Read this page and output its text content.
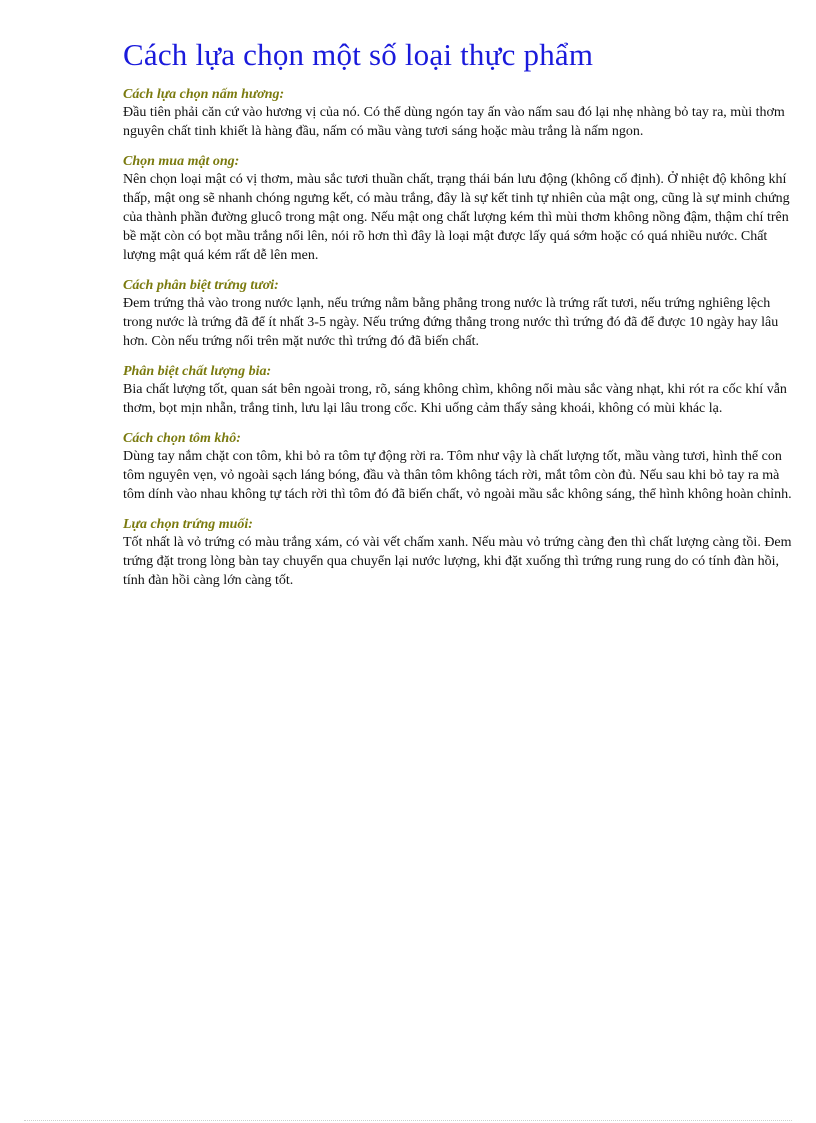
Cách lựa chọn một số loại thực phẩm

Cách lựa chọn nấm hương:

Đầu tiên phải căn cứ vào hương vị của nó. Có thể dùng ngón tay ấn vào nấm sau đó lại nhẹ nhàng bỏ tay ra, mùi thơm nguyên chất tinh khiết là hàng đầu, nấm có mầu vàng tươi sáng hoặc màu trắng là nấm ngon.

Chọn mua mật ong:

Nên chọn loại mật có vị thơm, màu sắc tươi thuần chất, trạng thái bán lưu động (không cố định). Ở nhiệt độ không khí thấp, mật ong sẽ nhanh chóng ngưng kết, có màu trắng, đây là sự kết tinh tự nhiên của mật ong, cũng là sự minh chứng của thành phần đường glucô trong mật ong. Nếu mật ong chất lượng kém thì mùi thơm không nồng đậm, thậm chí trên bề mặt còn có bọt mầu trắng nổi lên, nói rõ hơn thì đây là loại mật được lấy quá sớm hoặc có quá nhiều nước. Chất lượng mật quá kém rất dễ lên men.

Cách phân biệt trứng tươi:

Đem trứng thả vào trong nước lạnh, nếu trứng nằm bằng phẳng trong nước là trứng rất tươi, nếu trứng nghiêng lệch trong nước là trứng đã để ít nhất 3-5 ngày. Nếu trứng đứng thẳng trong nước thì trứng đó đã để được 10 ngày hay lâu hơn. Còn nếu trứng nổi trên mặt nước thì trứng đó đã biến chất.

Phân biệt chất lượng bia:

Bia chất lượng tốt, quan sát bên ngoài trong, rõ, sáng không chìm, không nổi màu sắc vàng nhạt, khi rót ra cốc khí vẫn thơm, bọt mịn nhẵn, trắng tinh, lưu lại lâu trong cốc. Khi uống cảm thấy sảng khoái, không có mùi khác lạ.

Cách chọn tôm khô:

Dùng tay nắm chặt con tôm, khi bỏ ra tôm tự động rời ra. Tôm như vậy là chất lượng tốt, mầu vàng tươi, hình thể con tôm nguyên vẹn, vỏ ngoài sạch láng bóng, đầu và thân tôm không tách rời, mắt tôm còn đủ. Nếu sau khi bỏ tay ra mà tôm dính vào nhau không tự tách rời thì tôm đó đã biến chất, vỏ ngoài mầu sắc không sáng, thể hình không hoàn chỉnh.

Lựa chọn trứng muối:

Tốt nhất là vỏ trứng có màu trắng xám, có vài vết chấm xanh. Nếu màu vỏ trứng càng đen thì chất lượng càng tồi. Đem trứng đặt trong lòng bàn tay chuyển qua chuyển lại nước lượng, khi đặt xuống thì trứng rung rung do có tính đàn hồi, tính đàn hồi càng lớn càng tốt.
